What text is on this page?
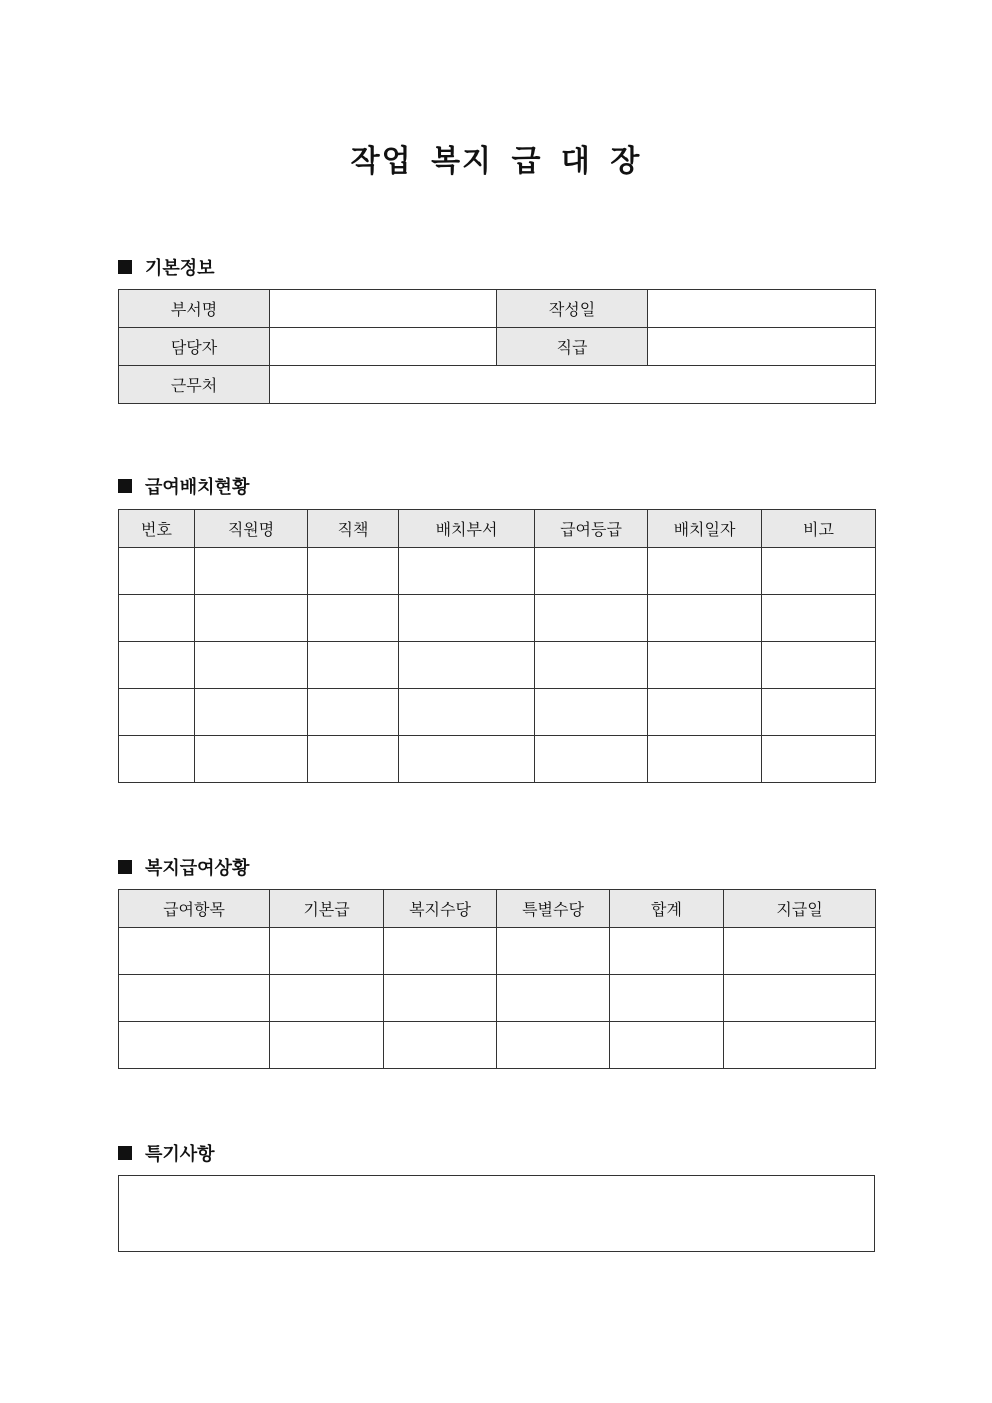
작업 복지 급 대 장
기본정보
부서명		작성일	
담당자		직급	
근무처			
급여배치현황
번호	직원명	직책	배치부서	급여등급	배치일자	비고

복지급여상황
급여항목	기본급	복지수당	특별수당	합계	지급일

특기사항
